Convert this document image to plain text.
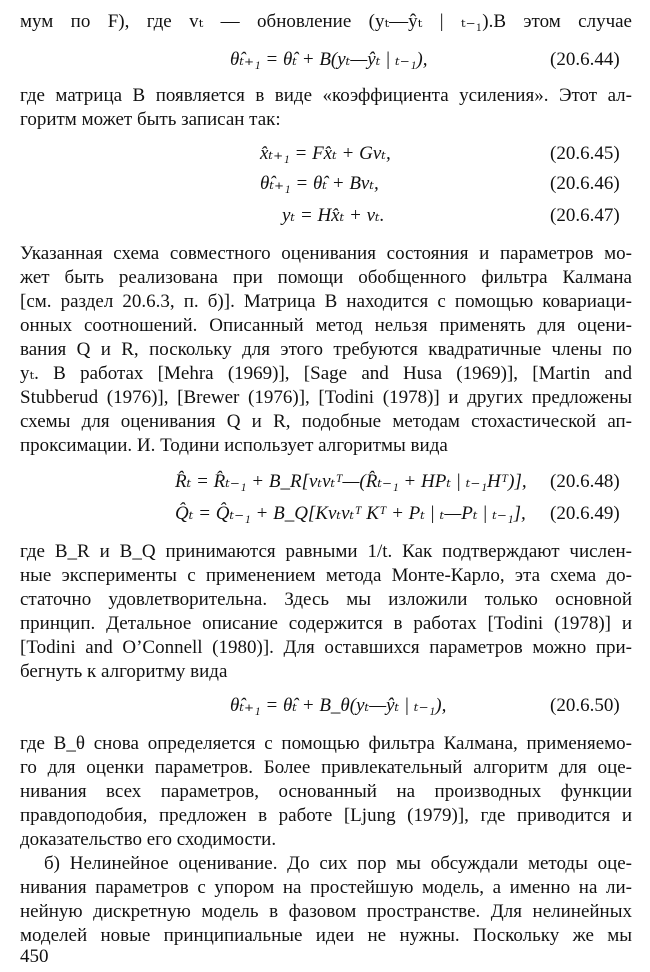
мум по F), где vₜ — обновление (yₜ—ŷₜ | ₜ₋₁).В этом случае
θ̂ₜ₊₁ = θ̂ₜ + B(yₜ—ŷₜ | ₜ₋₁),	(20.6.44)
где матрица B появляется в виде «коэффициента усиления». Этот ал-
горитм может быть записан так:
x̂ₜ₊₁ = Fx̂ₜ + Gvₜ,	(20.6.45)
θ̂ₜ₊₁ = θ̂ₜ + Bvₜ,	(20.6.46)
yₜ = Hx̂ₜ + vₜ.	(20.6.47)
Указанная схема совместного оценивания состояния и параметров мо-
жет быть реализована при помощи обобщенного фильтра Калмана
[см. раздел 20.6.3, п. б)]. Матрица B находится с помощью ковариаци-
онных соотношений. Описанный метод нельзя применять для оцени-
вания Q и R, поскольку для этого требуются квадратичные члены по
yₜ. В работах [Mehra (1969)], [Sage and Husa (1969)], [Martin and
Stubberud (1976)], [Brewer (1976)], [Todini (1978)] и других предложены
схемы для оценивания Q и R, подобные методам стохастической ап-
проксимации. И. Тодини использует алгоритмы вида
R̂ₜ = R̂ₜ₋₁ + B_R[vₜvₜᵀ—(R̂ₜ₋₁ + HPₜ | ₜ₋₁Hᵀ)], (20.6.48)
Q̂ₜ = Q̂ₜ₋₁ + B_Q[Kvₜvₜᵀ Kᵀ + Pₜ | ₜ—Pₜ | ₜ₋₁], (20.6.49)
где B_R и B_Q принимаются равными 1/t. Как подтверждают числен-
ные эксперименты с применением метода Монте-Карло, эта схема до-
статочно удовлетворительна. Здесь мы изложили только основной
принцип. Детальное описание содержится в работах [Todini (1978)] и
[Todini and O’Connell (1980)]. Для оставшихся параметров можно при-
бегнуть к алгоритму вида
θ̂ₜ₊₁ = θ̂ₜ + B_θ(yₜ—ŷₜ | ₜ₋₁),	(20.6.50)
где B_θ снова определяется с помощью фильтра Калмана, применяемо-
го для оценки параметров. Более привлекательный алгоритм для оце-
нивания всех параметров, основанный на производных функции
правдоподобия, предложен в работе [Ljung (1979)], где приводится и
доказательство его сходимости.
б) Нелинейное оценивание. До сих пор мы обсуждали методы оце-
нивания параметров с упором на простейшую модель, а именно на ли-
нейную дискретную модель в фазовом пространстве. Для нелинейных
моделей новые принципиальные идеи не нужны. Поскольку же мы
450
